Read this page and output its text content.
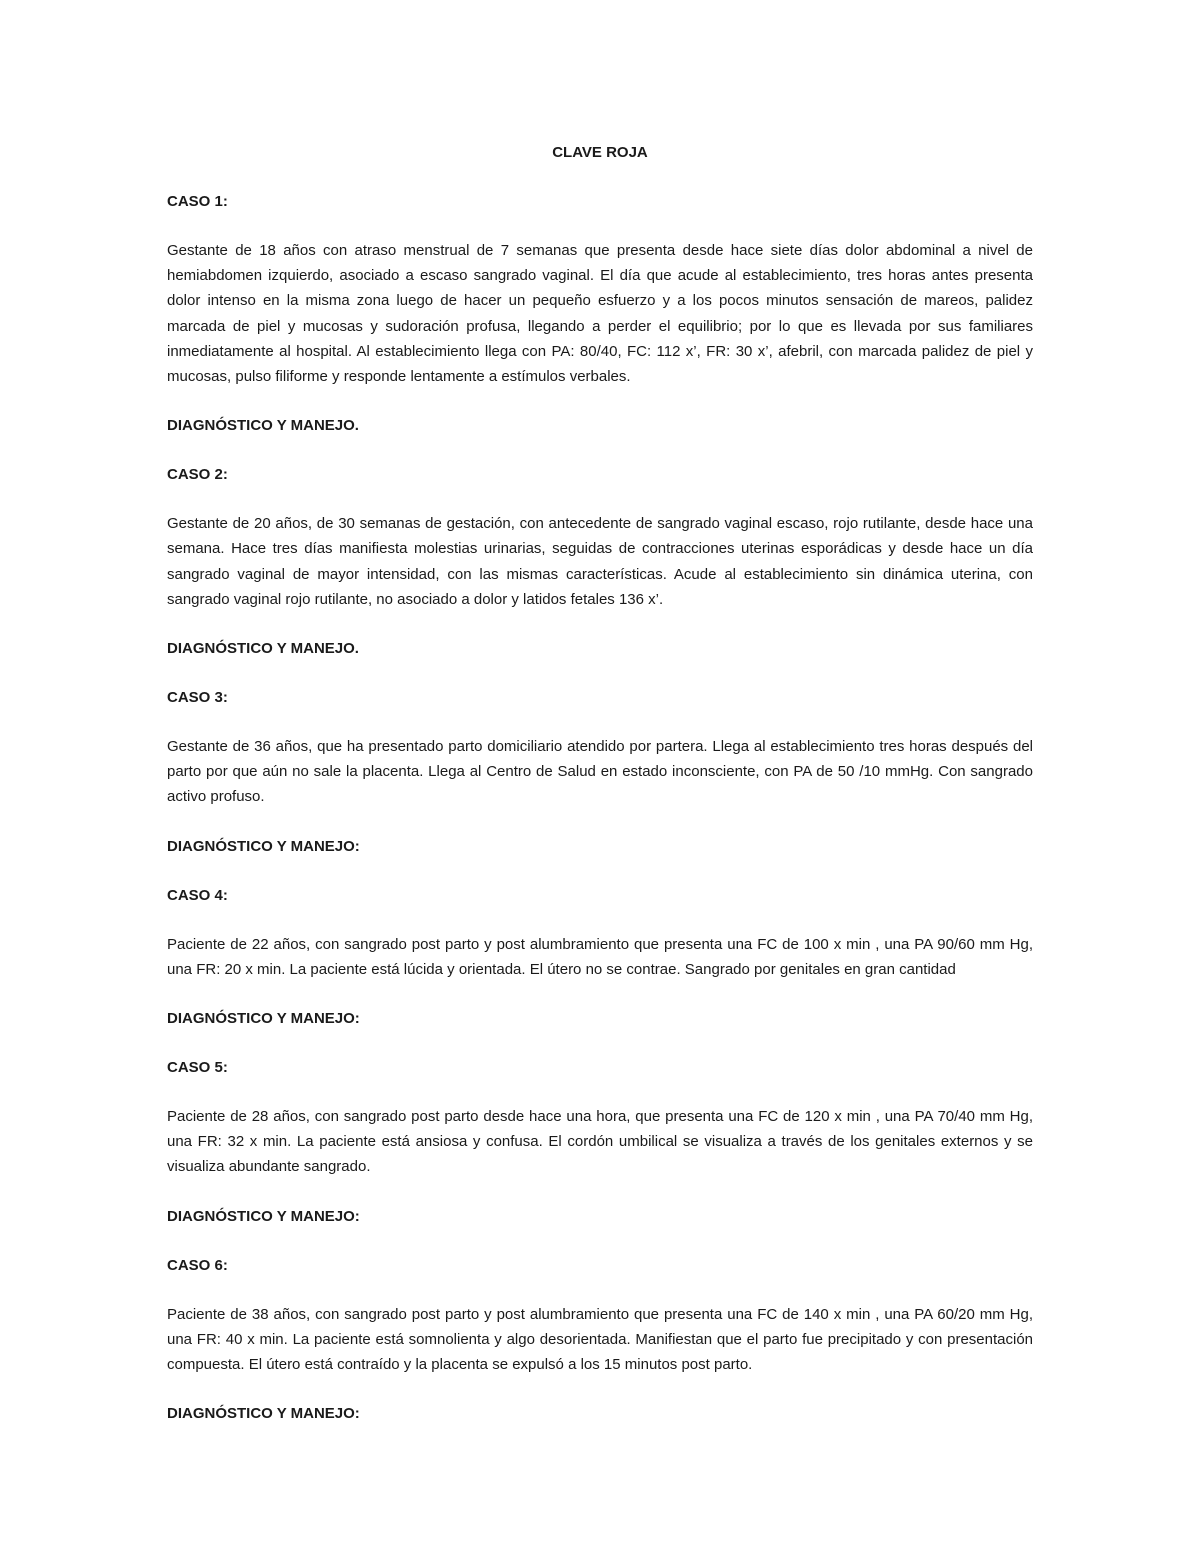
CLAVE ROJA
CASO 1:
Gestante de 18 años con atraso menstrual de 7 semanas que presenta desde hace siete días dolor abdominal a nivel de hemiabdomen izquierdo, asociado a escaso sangrado vaginal. El día que acude al establecimiento, tres horas antes presenta dolor intenso en la misma zona luego de hacer un pequeño esfuerzo y a los pocos minutos sensación de mareos, palidez marcada de piel y mucosas y sudoración profusa, llegando a perder el equilibrio; por lo que es llevada por sus familiares inmediatamente al hospital. Al establecimiento llega con PA: 80/40, FC: 112 x’, FR: 30 x’, afebril, con marcada palidez de piel y mucosas, pulso filiforme y responde lentamente a estímulos verbales.
DIAGNÓSTICO Y MANEJO.
CASO 2:
Gestante de 20 años, de 30 semanas de gestación, con antecedente de sangrado vaginal escaso, rojo rutilante, desde hace una semana. Hace tres días manifiesta molestias urinarias, seguidas de contracciones uterinas esporádicas y desde hace un día sangrado vaginal de mayor intensidad, con las mismas características. Acude al establecimiento sin dinámica uterina, con sangrado vaginal rojo rutilante, no asociado a dolor y latidos fetales 136 x’.
DIAGNÓSTICO Y MANEJO.
CASO 3:
Gestante de 36 años, que ha presentado parto domiciliario atendido por partera. Llega al establecimiento tres horas después del parto por que aún no sale la placenta. Llega al Centro de Salud en estado inconsciente, con PA de 50 /10 mmHg. Con sangrado activo profuso.
DIAGNÓSTICO Y MANEJO:
CASO 4:
Paciente de 22 años, con sangrado post parto y post alumbramiento que presenta una FC de 100 x min , una PA 90/60 mm Hg, una FR: 20 x min. La paciente está lúcida y orientada. El útero no se contrae. Sangrado por genitales en gran cantidad
DIAGNÓSTICO Y MANEJO:
CASO 5:
Paciente de 28 años, con sangrado post parto desde hace una hora, que presenta una FC de 120 x min , una PA 70/40 mm Hg, una FR: 32 x min. La paciente está ansiosa y confusa. El cordón umbilical se visualiza a través de los genitales externos y se visualiza abundante sangrado.
DIAGNÓSTICO Y MANEJO:
CASO 6:
Paciente de 38 años, con sangrado post parto y post alumbramiento que presenta una FC de 140 x min , una PA 60/20 mm Hg, una FR: 40 x min. La paciente está somnolienta y algo desorientada. Manifiestan que el parto fue precipitado y con presentación compuesta. El útero está contraído y la placenta se expulsó a los 15 minutos post parto.
DIAGNÓSTICO Y MANEJO:
